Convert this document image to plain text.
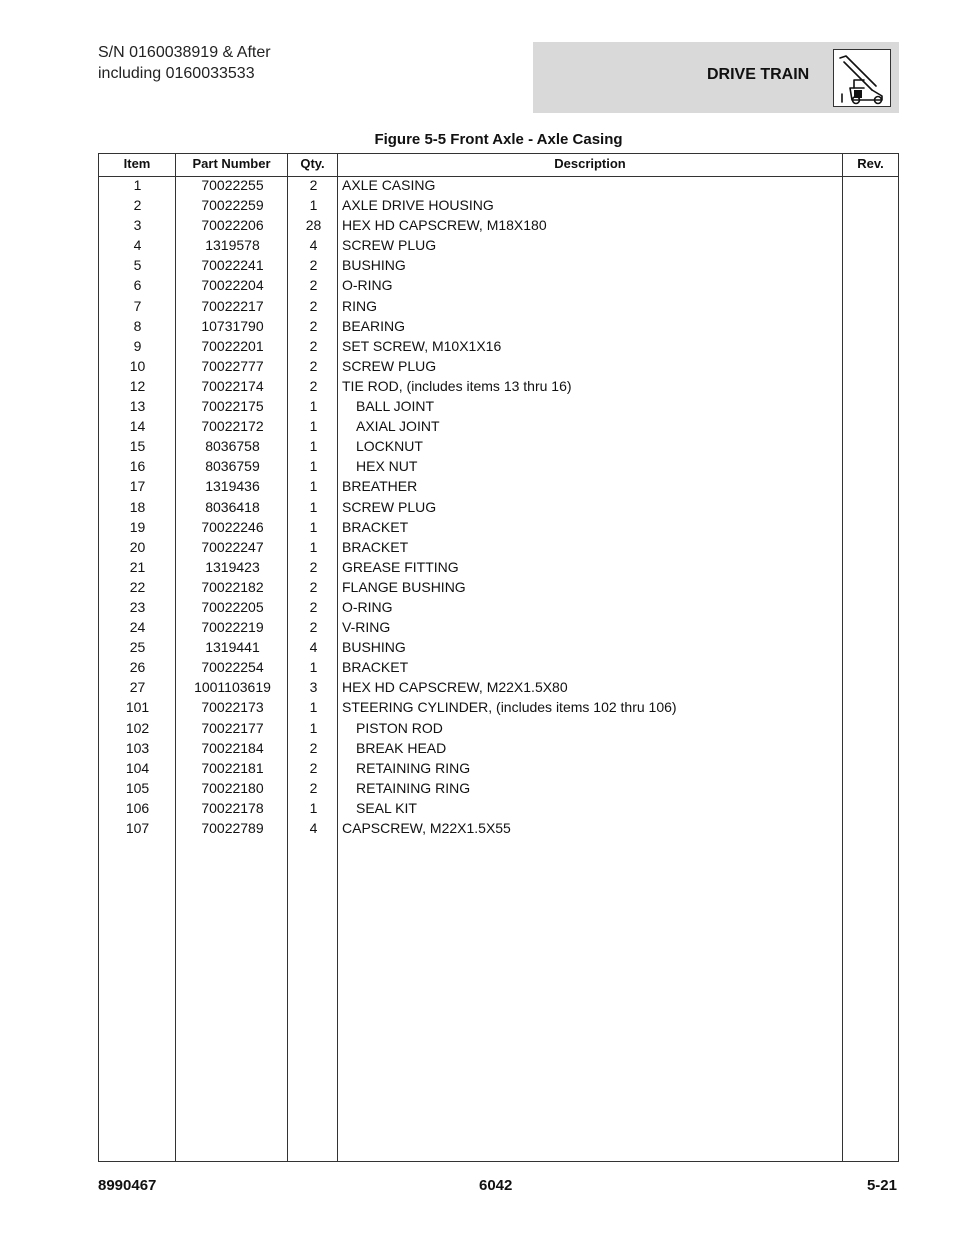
S/N 0160038919 & After
including 0160033533	DRIVE TRAIN
Figure 5-5 Front Axle - Axle Casing
Item	Part Number	Qty.	Description	Rev.
1	70022255	2	AXLE CASING
2	70022259	1	AXLE DRIVE HOUSING
3	70022206	28	HEX HD CAPSCREW, M18X180
4	1319578	4	SCREW PLUG
5	70022241	2	BUSHING
6	70022204	2	O-RING
7	70022217	2	RING
8	10731790	2	BEARING
9	70022201	2	SET SCREW, M10X1X16
10	70022777	2	SCREW PLUG
12	70022174	2	TIE ROD, (includes items 13 thru 16)
13	70022175	1	BALL JOINT
14	70022172	1	AXIAL JOINT
15	8036758	1	LOCKNUT
16	8036759	1	HEX NUT
17	1319436	1	BREATHER
18	8036418	1	SCREW PLUG
19	70022246	1	BRACKET
20	70022247	1	BRACKET
21	1319423	2	GREASE FITTING
22	70022182	2	FLANGE BUSHING
23	70022205	2	O-RING
24	70022219	2	V-RING
25	1319441	4	BUSHING
26	70022254	1	BRACKET
27	1001103619	3	HEX HD CAPSCREW, M22X1.5X80
101	70022173	1	STEERING CYLINDER, (includes items 102 thru 106)
102	70022177	1	PISTON ROD
103	70022184	2	BREAK HEAD
104	70022181	2	RETAINING RING
105	70022180	2	RETAINING RING
106	70022178	1	SEAL KIT
107	70022789	4	CAPSCREW, M22X1.5X55
8990467	6042	5-21
